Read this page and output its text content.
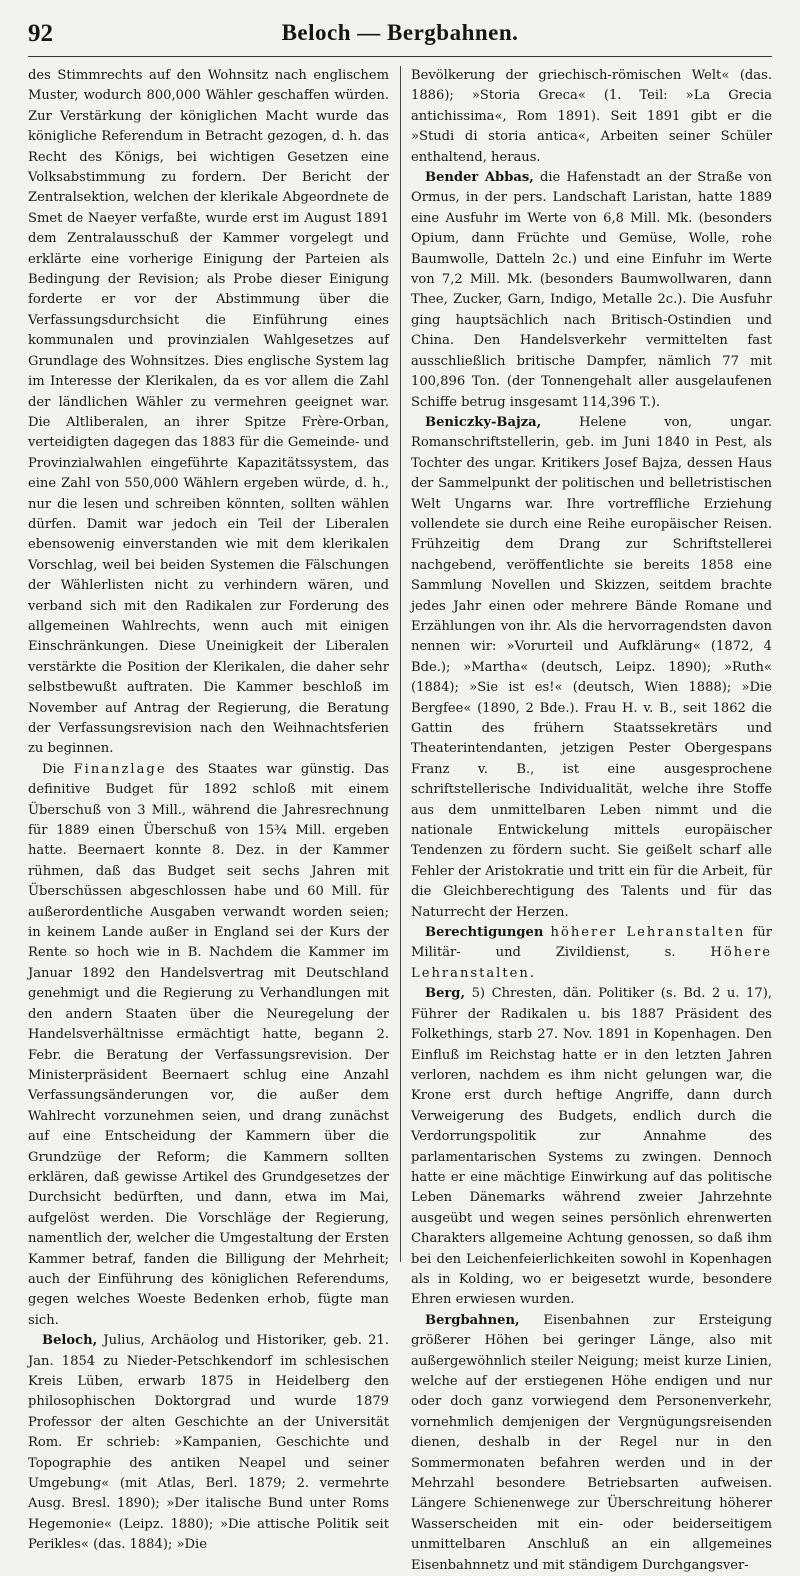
92	Beloch — Bergbahnen.

des Stimmrechts auf den Wohnsitz nach englischem Muster, wodurch 800,000 Wähler geschaffen würden. Zur Verstärkung der königlichen Macht wurde das königliche Referendum in Betracht gezogen, d. h. das Recht des Königs, bei wichtigen Gesetzen eine Volksabstimmung zu fordern. Der Bericht der Zentralsektion, welchen der klerikale Abgeordnete de Smet de Naeyer verfaßte, wurde erst im August 1891 dem Zentralausschuß der Kammer vorgelegt und erklärte eine vorherige Einigung der Parteien als Bedingung der Revision; als Probe dieser Einigung forderte er vor der Abstimmung über die Verfassungsdurchsicht die Einführung eines kommunalen und provinzialen Wahlgesetzes auf Grundlage des Wohnsitzes. Dies englische System lag im Interesse der Klerikalen, da es vor allem die Zahl der ländlichen Wähler zu vermehren geeignet war. Die Altliberalen, an ihrer Spitze Frère-Orban, verteidigten dagegen das 1883 für die Gemeinde- und Provinzialwahlen eingeführte Kapazitätssystem, das eine Zahl von 550,000 Wählern ergeben würde, d. h., nur die lesen und schreiben könnten, sollten wählen dürfen. Damit war jedoch ein Teil der Liberalen ebensowenig einverstanden wie mit dem klerikalen Vorschlag, weil bei beiden Systemen die Fälschungen der Wählerlisten nicht zu verhindern wären, und verband sich mit den Radikalen zur Forderung des allgemeinen Wahlrechts, wenn auch mit einigen Einschränkungen. Diese Uneinigkeit der Liberalen verstärkte die Position der Klerikalen, die daher sehr selbstbewußt auftraten. Die Kammer beschloß im November auf Antrag der Regierung, die Beratung der Verfassungsrevision nach den Weihnachtsferien zu beginnen.

Die Finanzlage des Staates war günstig. Das definitive Budget für 1892 schloß mit einem Überschuß von 3 Mill., während die Jahresrechnung für 1889 einen Überschuß von 15¾ Mill. ergeben hatte. Beernaert konnte 8. Dez. in der Kammer rühmen, daß das Budget seit sechs Jahren mit Überschüssen abgeschlossen habe und 60 Mill. für außerordentliche Ausgaben verwandt worden seien; in keinem Lande außer in England sei der Kurs der Rente so hoch wie in B. Nachdem die Kammer im Januar 1892 den Handelsvertrag mit Deutschland genehmigt und die Regierung zu Verhandlungen mit den andern Staaten über die Neuregelung der Handelsverhältnisse ermächtigt hatte, begann 2. Febr. die Beratung der Verfassungsrevision. Der Ministerpräsident Beernaert schlug eine Anzahl Verfassungsänderungen vor, die außer dem Wahlrecht vorzunehmen seien, und drang zunächst auf eine Entscheidung der Kammern über die Grundzüge der Reform; die Kammern sollten erklären, daß gewisse Artikel des Grundgesetzes der Durchsicht bedürften, und dann, etwa im Mai, aufgelöst werden. Die Vorschläge der Regierung, namentlich der, welcher die Umgestaltung der Ersten Kammer betraf, fanden die Billigung der Mehrheit; auch der Einführung des königlichen Referendums, gegen welches Woeste Bedenken erhob, fügte man sich.

Beloch, Julius, Archäolog und Historiker, geb. 21. Jan. 1854 zu Nieder-Petschkendorf im schlesischen Kreis Lüben, erwarb 1875 in Heidelberg den philosophischen Doktorgrad und wurde 1879 Professor der alten Geschichte an der Universität Rom. Er schrieb: »Kampanien, Geschichte und Topographie des antiken Neapel und seiner Umgebung« (mit Atlas, Berl. 1879; 2. vermehrte Ausg. Bresl. 1890); »Der italische Bund unter Roms Hegemonie« (Leipz. 1880); »Die attische Politik seit Perikles« (das. 1884); »Die

Bevölkerung der griechisch-römischen Welt« (das. 1886); »Storia Greca« (1. Teil: »La Grecia antichissima«, Rom 1891). Seit 1891 gibt er die »Studi di storia antica«, Arbeiten seiner Schüler enthaltend, heraus.

Bender Abbas, die Hafenstadt an der Straße von Ormus, in der pers. Landschaft Laristan, hatte 1889 eine Ausfuhr im Werte von 6,8 Mill. Mk. (besonders Opium, dann Früchte und Gemüse, Wolle, rohe Baumwolle, Datteln 2c.) und eine Einfuhr im Werte von 7,2 Mill. Mk. (besonders Baumwollwaren, dann Thee, Zucker, Garn, Indigo, Metalle 2c.). Die Ausfuhr ging hauptsächlich nach Britisch-Ostindien und China. Den Handelsverkehr vermittelten fast ausschließlich britische Dampfer, nämlich 77 mit 100,896 Ton. (der Tonnengehalt aller ausgelaufenen Schiffe betrug insgesamt 114,396 T.).

Beniczky-Bajza,	Helene von, ungar. Romanschriftstellerin, geb. im Juni 1840 in Pest, als Tochter des ungar. Kritikers Josef Bajza, dessen Haus der Sammelpunkt der politischen und belletristischen Welt Ungarns war. Ihre vortreffliche Erziehung vollendete sie durch eine Reihe europäischer Reisen. Frühzeitig dem Drang zur Schriftstellerei nachgebend, veröffentlichte sie bereits 1858 eine Sammlung Novellen und Skizzen, seitdem brachte jedes Jahr einen oder mehrere Bände Romane und Erzählungen von ihr. Als die hervorragendsten davon nennen wir: »Vorurteil und Aufklärung« (1872, 4 Bde.); »Martha« (deutsch, Leipz. 1890); »Ruth« (1884); »Sie ist es!« (deutsch, Wien 1888); »Die Bergfee« (1890, 2 Bde.). Frau H. v. B., seit 1862 die Gattin des frühern Staatssekretärs und Theaterintendanten, jetzigen Pester Obergespans Franz v. B., ist eine ausgesprochene schriftstellerische Individualität, welche ihre Stoffe aus dem unmittelbaren Leben nimmt und die nationale Entwickelung mittels europäischer Tendenzen zu fördern sucht. Sie geißelt scharf alle Fehler der Aristokratie und tritt ein für die Arbeit, für die Gleichberechtigung des Talents und für das Naturrecht der Herzen.

Berechtigungen höherer Lehranstalten für Militär- und Zivildienst, s.	Höhere Lehranstalten.

Berg, 5) Chresten, dän. Politiker (s. Bd. 2 u. 17), Führer der Radikalen u. bis 1887 Präsident des Folkethings, starb 27. Nov. 1891 in Kopenhagen. Den Einfluß im Reichstag hatte er in den letzten Jahren verloren, nachdem es ihm nicht gelungen war, die Krone erst durch heftige Angriffe, dann durch Verweigerung des Budgets, endlich durch die Verdorrungspolitik zur Annahme des parlamentarischen Systems zu zwingen. Dennoch hatte er eine mächtige Einwirkung auf das politische Leben Dänemarks während zweier Jahrzehnte ausgeübt und wegen seines persönlich ehrenwerten Charakters allgemeine Achtung genossen, so daß ihm bei den Leichenfeierlichkeiten sowohl in Kopenhagen als in Kolding, wo er beigesetzt wurde, besondere Ehren erwiesen wurden.

Bergbahnen, Eisenbahnen zur Ersteigung größerer Höhen bei geringer Länge, also mit außergewöhnlich steiler Neigung; meist kurze Linien, welche auf der erstiegenen Höhe endigen und nur oder doch ganz vorwiegend dem Personenverkehr, vornehmlich demjenigen der Vergnügungsreisenden dienen, deshalb in der Regel nur in den Sommermonaten befahren werden und in der Mehrzahl besondere Betriebsarten aufweisen. Längere Schienenwege zur Überschreitung höherer Wasserscheiden mit ein- oder beiderseitigem unmittelbaren Anschluß an ein allgemeines Eisenbahnnetz und mit ständigem Durchgangsver-
